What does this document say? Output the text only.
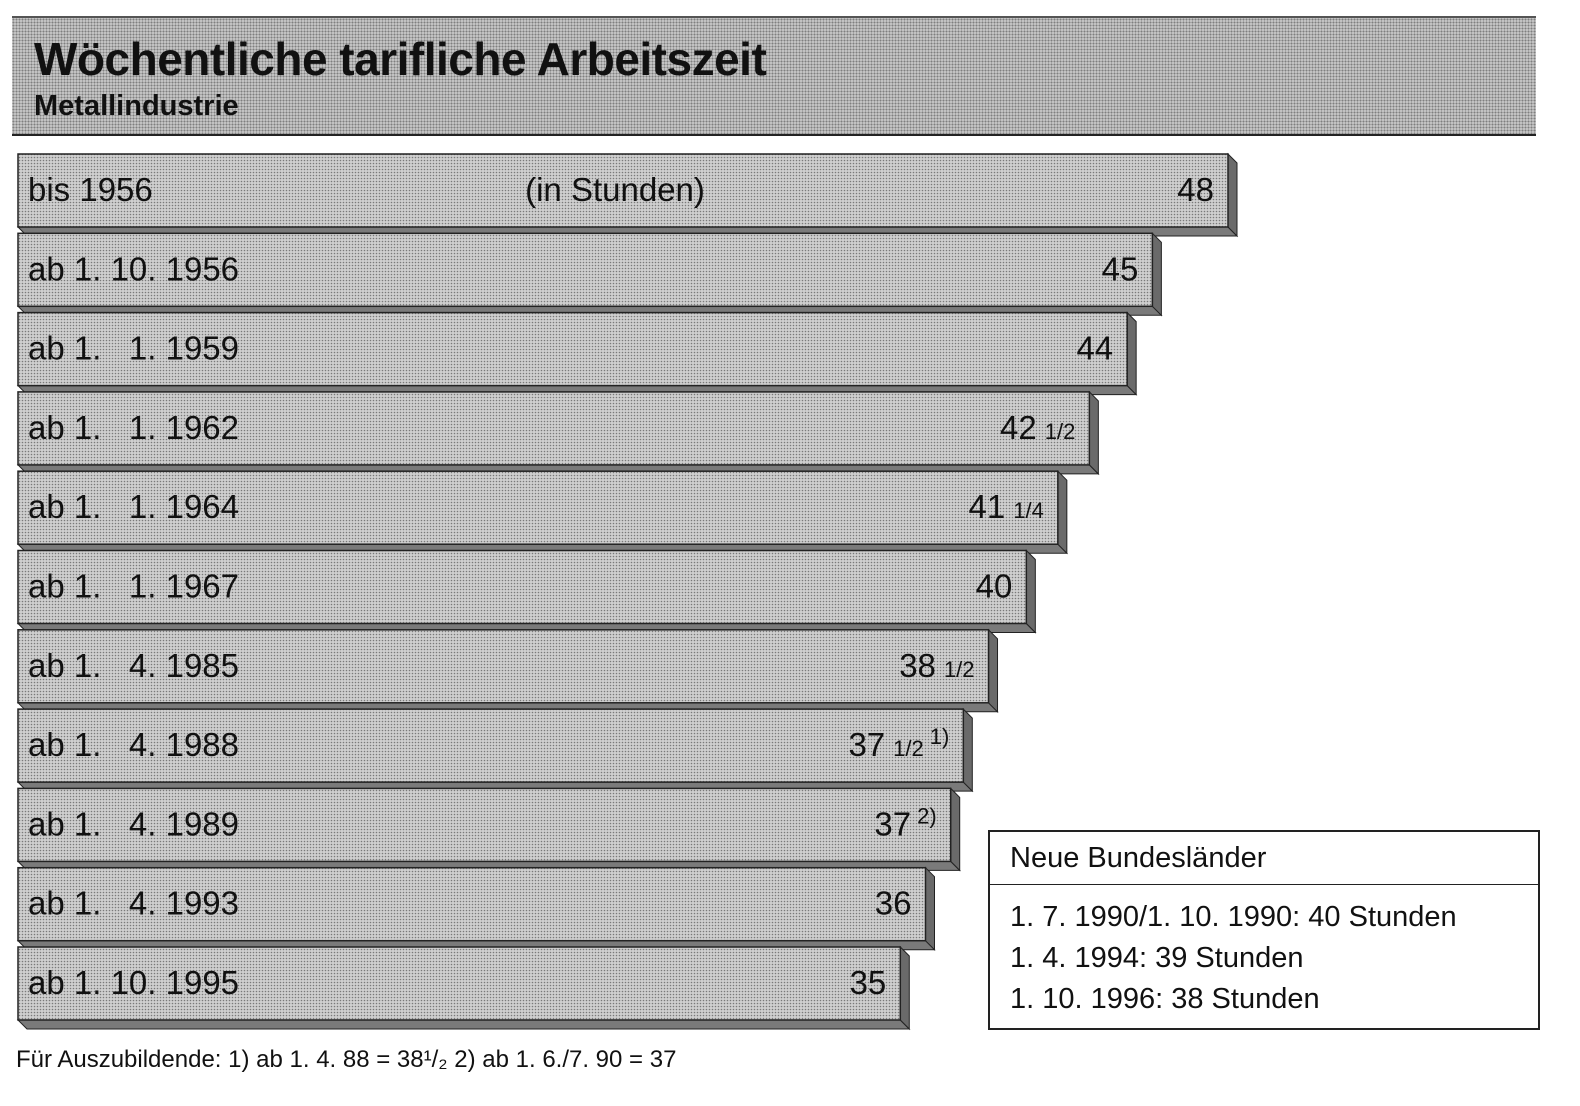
Wöchentliche tarifliche Arbeitszeit
Metallindustrie
bis 1956	48
ab 1. 10. 1956	45
ab 1.   1. 1959	44
ab 1.   1. 1962	42 1/2
ab 1.   1. 1964	41 1/4
ab 1.   1. 1967	40
ab 1.   4. 1985	38 1/2
ab 1.   4. 1988	37 1/2 $^{1)}$
ab 1.   4. 1989	37 $^{2)}$
ab 1.   4. 1993	36
ab 1. 10. 1995	35
(in Stunden)
Neue Bundesländer
1. 7. 1990/1. 10. 1990: 40 Stunden
1. 4. 1994: 39 Stunden
1. 10. 1996: 38 Stunden
Für Auszubildende: 1) ab 1. 4. 88 = 38¹/₂ 2) ab 1. 6./7. 90 = 37
